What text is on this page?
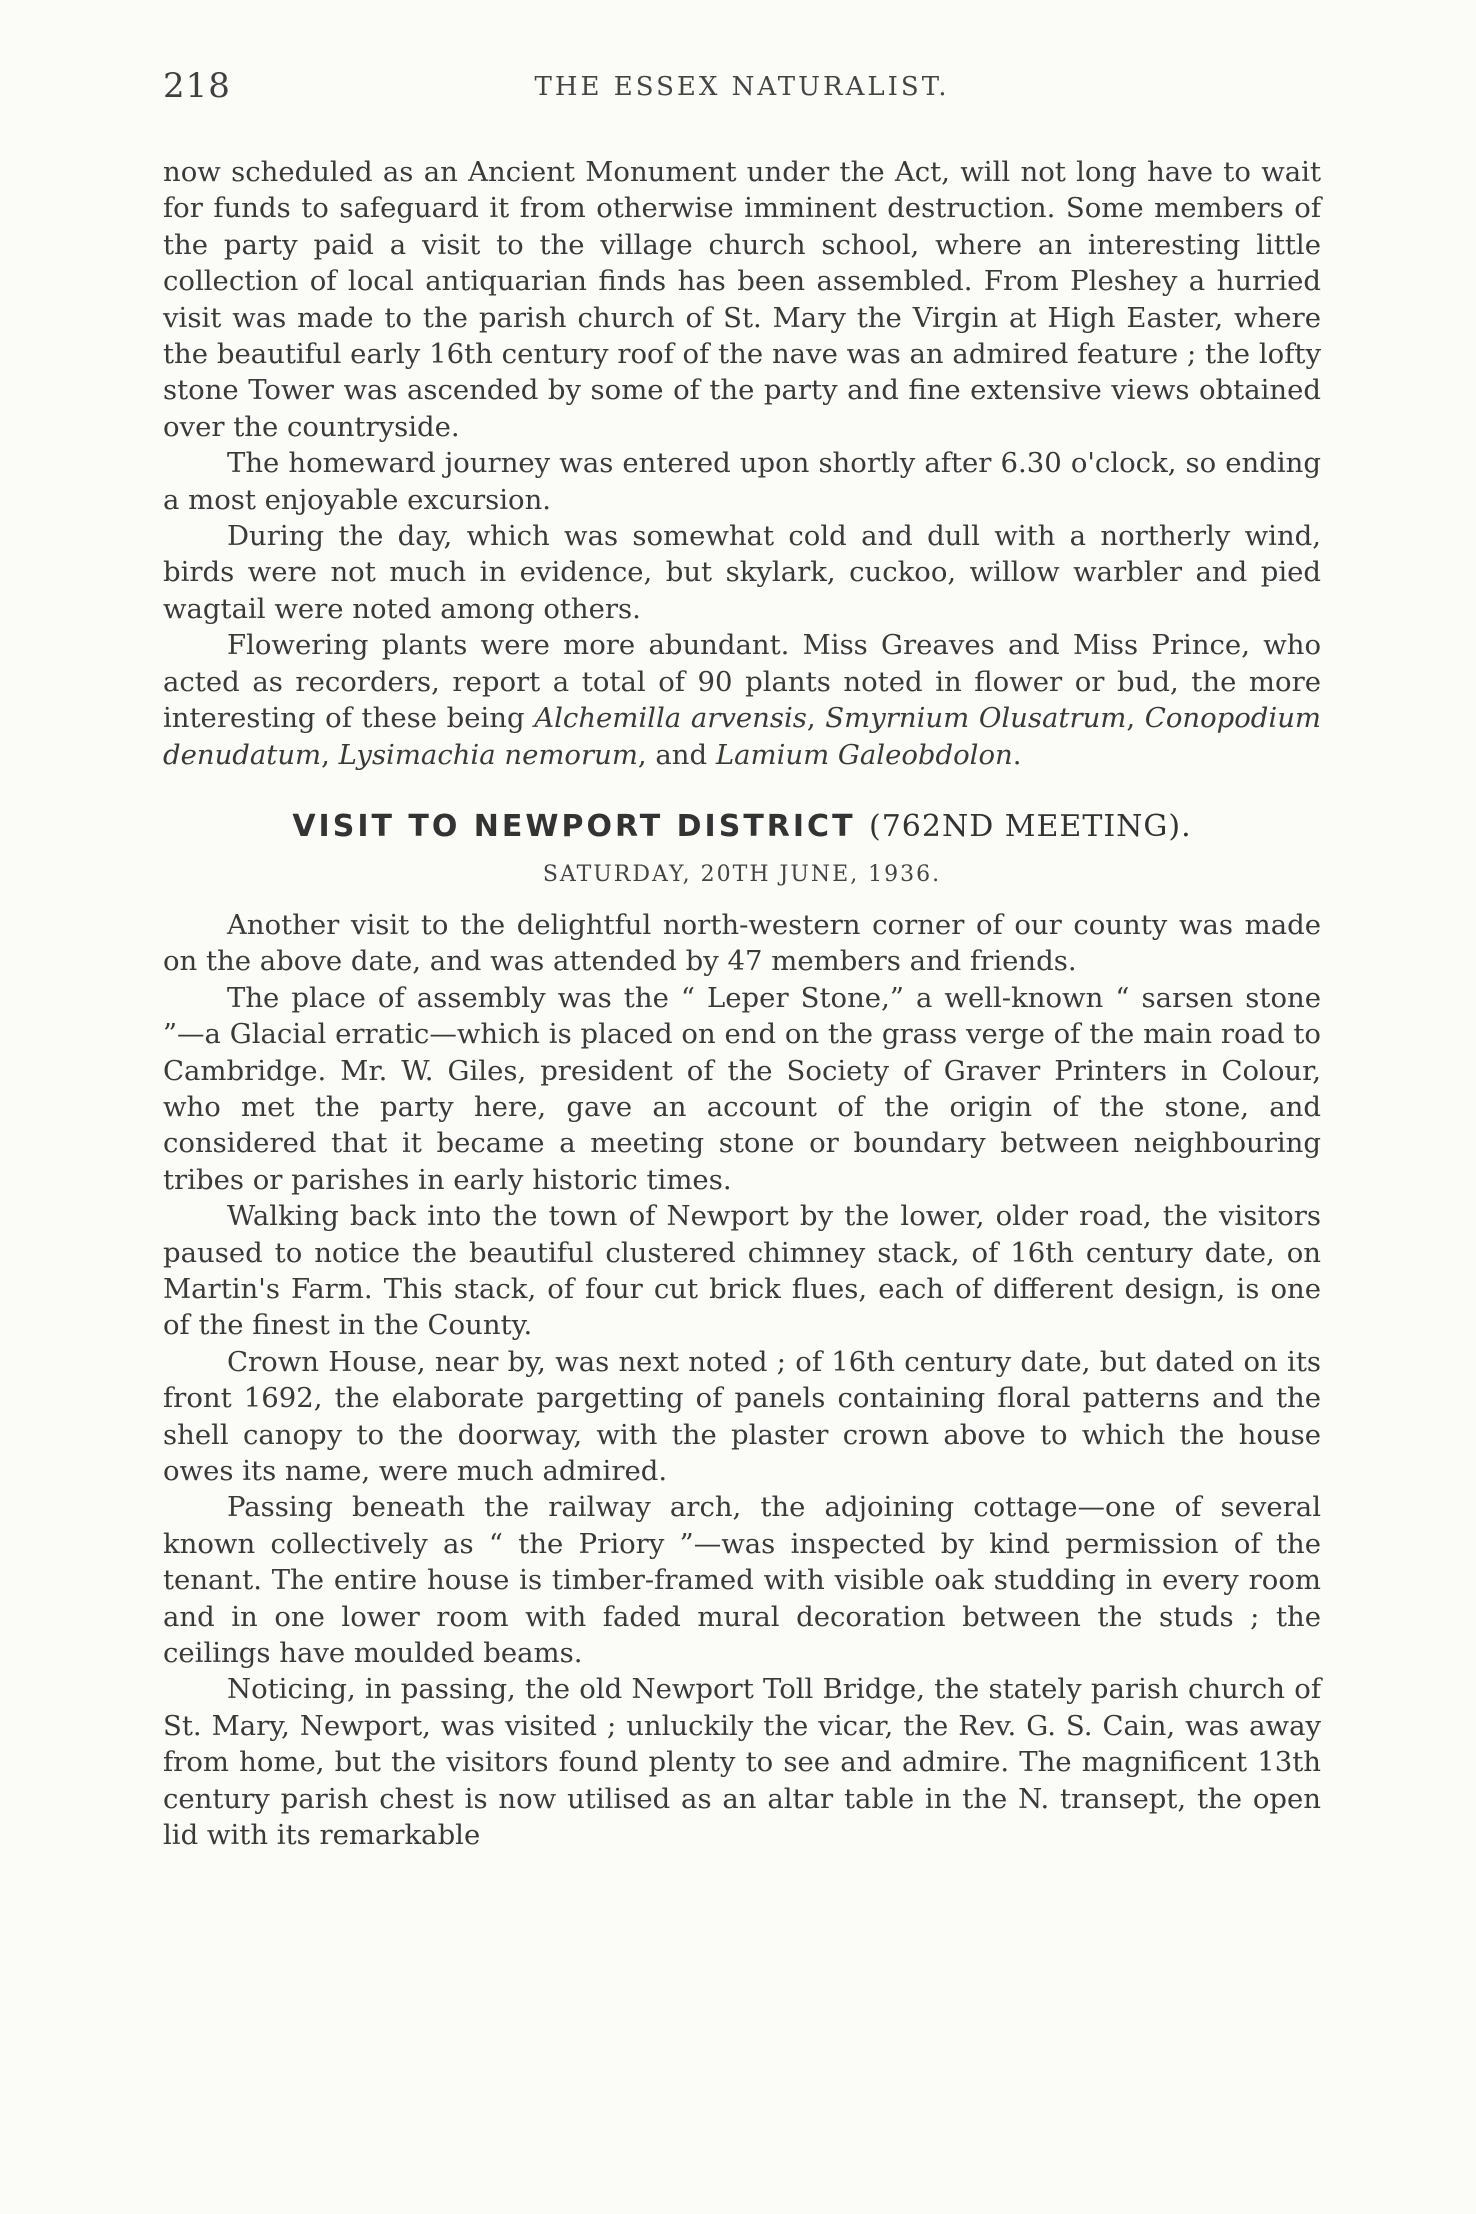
218	THE ESSEX NATURALIST.

now scheduled as an Ancient Monument under the Act, will not long have to wait for funds to safeguard it from otherwise imminent destruction. Some members of the party paid a visit to the village church school, where an interesting little collection of local antiquarian finds has been assembled. From Pleshey a hurried visit was made to the parish church of St. Mary the Virgin at High Easter, where the beautiful early 16th century roof of the nave was an admired feature ; the lofty stone Tower was ascended by some of the party and fine extensive views obtained over the countryside.

The homeward journey was entered upon shortly after 6.30 o'clock, so ending a most enjoyable excursion.

During the day, which was somewhat cold and dull with a northerly wind, birds were not much in evidence, but skylark, cuckoo, willow warbler and pied wagtail were noted among others.

Flowering plants were more abundant. Miss Greaves and Miss Prince, who acted as recorders, report a total of 90 plants noted in flower or bud, the more interesting of these being Alchemilla arvensis, Smyrnium Olusatrum, Conopodium denudatum, Lysimachia nemorum, and Lamium Galeobdolon.

VISIT TO NEWPORT DISTRICT (762ND MEETING).
SATURDAY, 20TH JUNE, 1936.

Another visit to the delightful north-western corner of our county was made on the above date, and was attended by 47 members and friends.

The place of assembly was the “ Leper Stone,” a well-known “ sarsen stone ”—a Glacial erratic—which is placed on end on the grass verge of the main road to Cambridge. Mr. W. Giles, president of the Society of Graver Printers in Colour, who met the party here, gave an account of the origin of the stone, and considered that it became a meeting stone or boundary between neighbouring tribes or parishes in early historic times.

Walking back into the town of Newport by the lower, older road, the visitors paused to notice the beautiful clustered chimney stack, of 16th century date, on Martin's Farm. This stack, of four cut brick flues, each of different design, is one of the finest in the County.

Crown House, near by, was next noted ; of 16th century date, but dated on its front 1692, the elaborate pargetting of panels containing floral patterns and the shell canopy to the doorway, with the plaster crown above to which the house owes its name, were much admired.

Passing beneath the railway arch, the adjoining cottage—one of several known collectively as “ the Priory ”—was inspected by kind permission of the tenant. The entire house is timber-framed with visible oak studding in every room and in one lower room with faded mural decoration between the studs ; the ceilings have moulded beams.

Noticing, in passing, the old Newport Toll Bridge, the stately parish church of St. Mary, Newport, was visited ; unluckily the vicar, the Rev. G. S. Cain, was away from home, but the visitors found plenty to see and admire. The magnificent 13th century parish chest is now utilised as an altar table in the N. transept, the open lid with its remarkable
